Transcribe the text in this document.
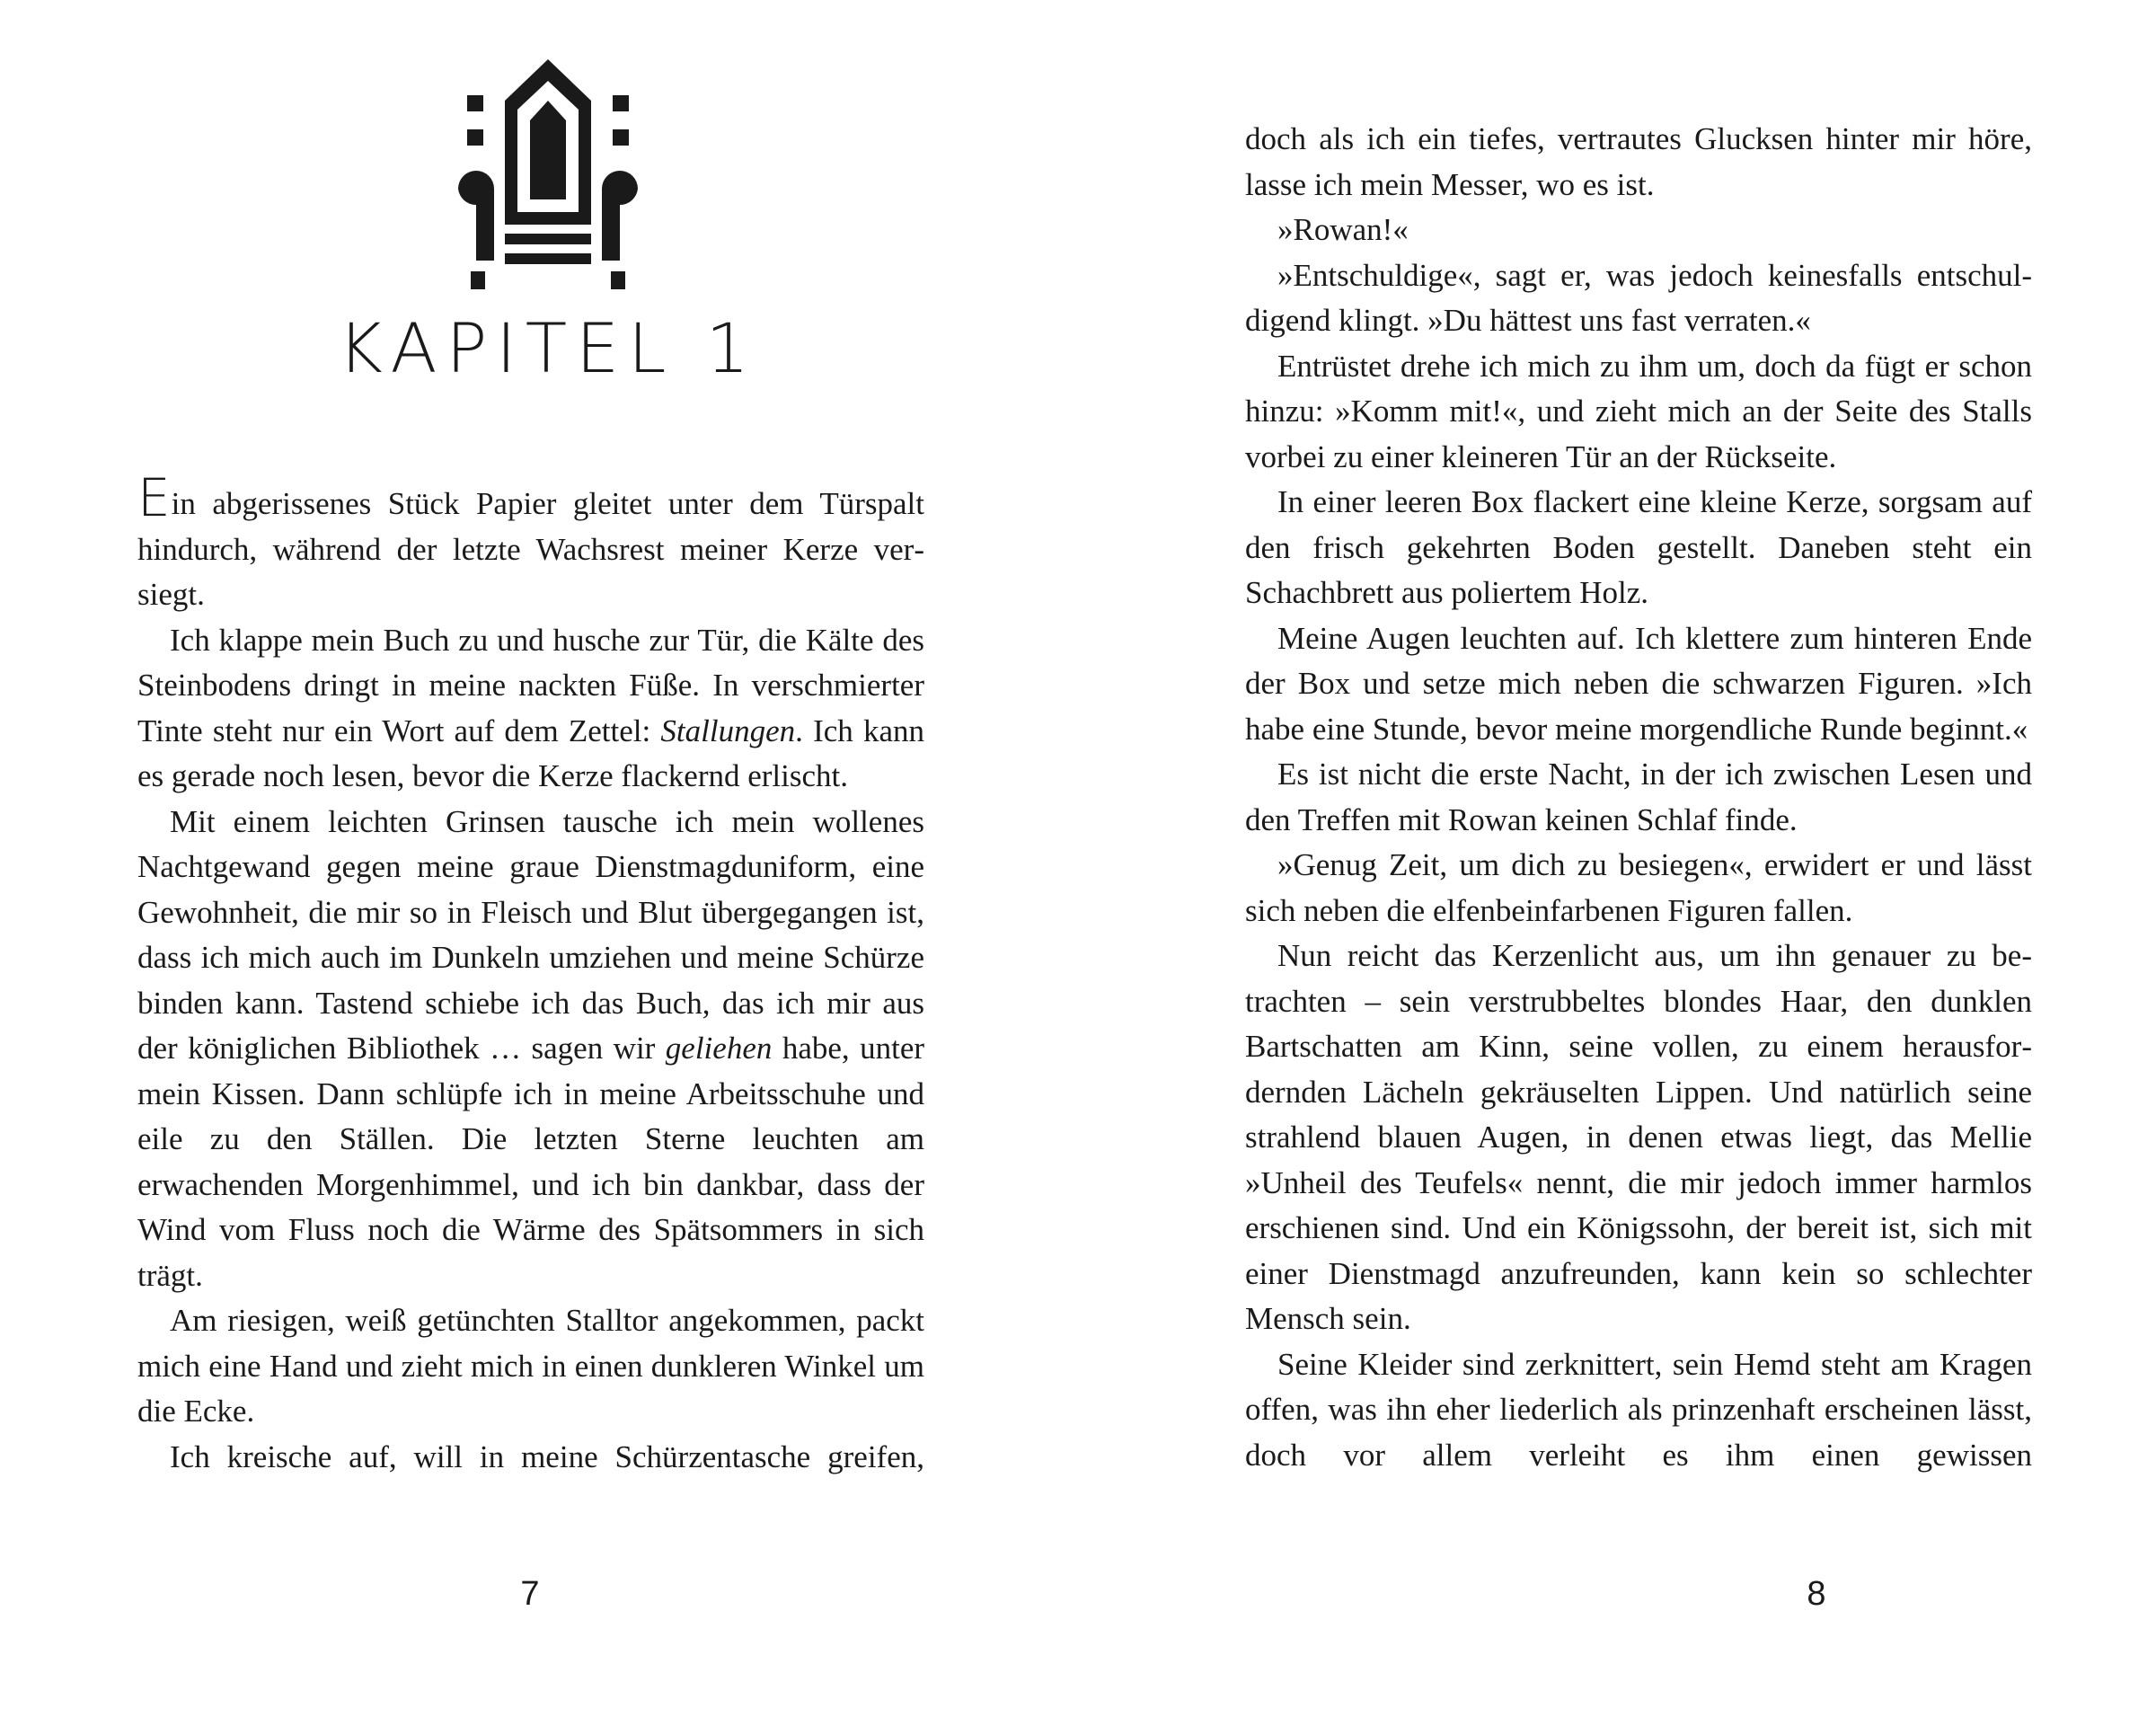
KAPITEL 1

Ein abgerissenes Stück Papier gleitet unter dem Türspalt hindurch, während der letzte Wachsrest meiner Kerze versiegt.

Ich klappe mein Buch zu und husche zur Tür, die Kälte des Steinbodens dringt in meine nackten Füße. In verschmierter Tinte steht nur ein Wort auf dem Zettel: Stallungen. Ich kann es gerade noch lesen, bevor die Kerze flackernd erlischt.

Mit einem leichten Grinsen tausche ich mein wollenes Nachtgewand gegen meine graue Dienstmagduniform, eine Gewohnheit, die mir so in Fleisch und Blut übergegangen ist, dass ich mich auch im Dunkeln umziehen und meine Schürze binden kann. Tastend schiebe ich das Buch, das ich mir aus der königlichen Bibliothek … sagen wir geliehen habe, unter mein Kissen. Dann schlüpfe ich in meine Arbeitsschuhe und eile zu den Ställen. Die letzten Sterne leuchten am erwachenden Morgenhimmel, und ich bin dankbar, dass der Wind vom Fluss noch die Wärme des Spätsommers in sich trägt.

Am riesigen, weiß getünchten Stalltor angekommen, packt mich eine Hand und zieht mich in einen dunkleren Winkel um die Ecke.

Ich kreische auf, will in meine Schürzentasche greifen,

7

doch als ich ein tiefes, vertrautes Glucksen hinter mir höre, lasse ich mein Messer, wo es ist.

»Rowan!«

»Entschuldige«, sagt er, was jedoch keinesfalls entschuldigend klingt. »Du hättest uns fast verraten.«

Entrüstet drehe ich mich zu ihm um, doch da fügt er schon hinzu: »Komm mit!«, und zieht mich an der Seite des Stalls vorbei zu einer kleineren Tür an der Rückseite.

In einer leeren Box flackert eine kleine Kerze, sorgsam auf den frisch gekehrten Boden gestellt. Daneben steht ein Schachbrett aus poliertem Holz.

Meine Augen leuchten auf. Ich klettere zum hinteren Ende der Box und setze mich neben die schwarzen Figuren. »Ich habe eine Stunde, bevor meine morgendliche Runde beginnt.«

Es ist nicht die erste Nacht, in der ich zwischen Lesen und den Treffen mit Rowan keinen Schlaf finde.

»Genug Zeit, um dich zu besiegen«, erwidert er und lässt sich neben die elfenbeinfarbenen Figuren fallen.

Nun reicht das Kerzenlicht aus, um ihn genauer zu betrachten – sein verstrubbeltes blondes Haar, den dunklen Bartschatten am Kinn, seine vollen, zu einem herausfordernden Lächeln gekräuselten Lippen. Und natürlich seine strahlend blauen Augen, in denen etwas liegt, das Mellie »Unheil des Teufels« nennt, die mir jedoch immer harmlos erschienen sind. Und ein Königssohn, der bereit ist, sich mit einer Dienstmagd anzufreunden, kann kein so schlechter Mensch sein.

Seine Kleider sind zerknittert, sein Hemd steht am Kragen offen, was ihn eher liederlich als prinzenhaft erscheinen lässt, doch vor allem verleiht es ihm einen gewissen

8
